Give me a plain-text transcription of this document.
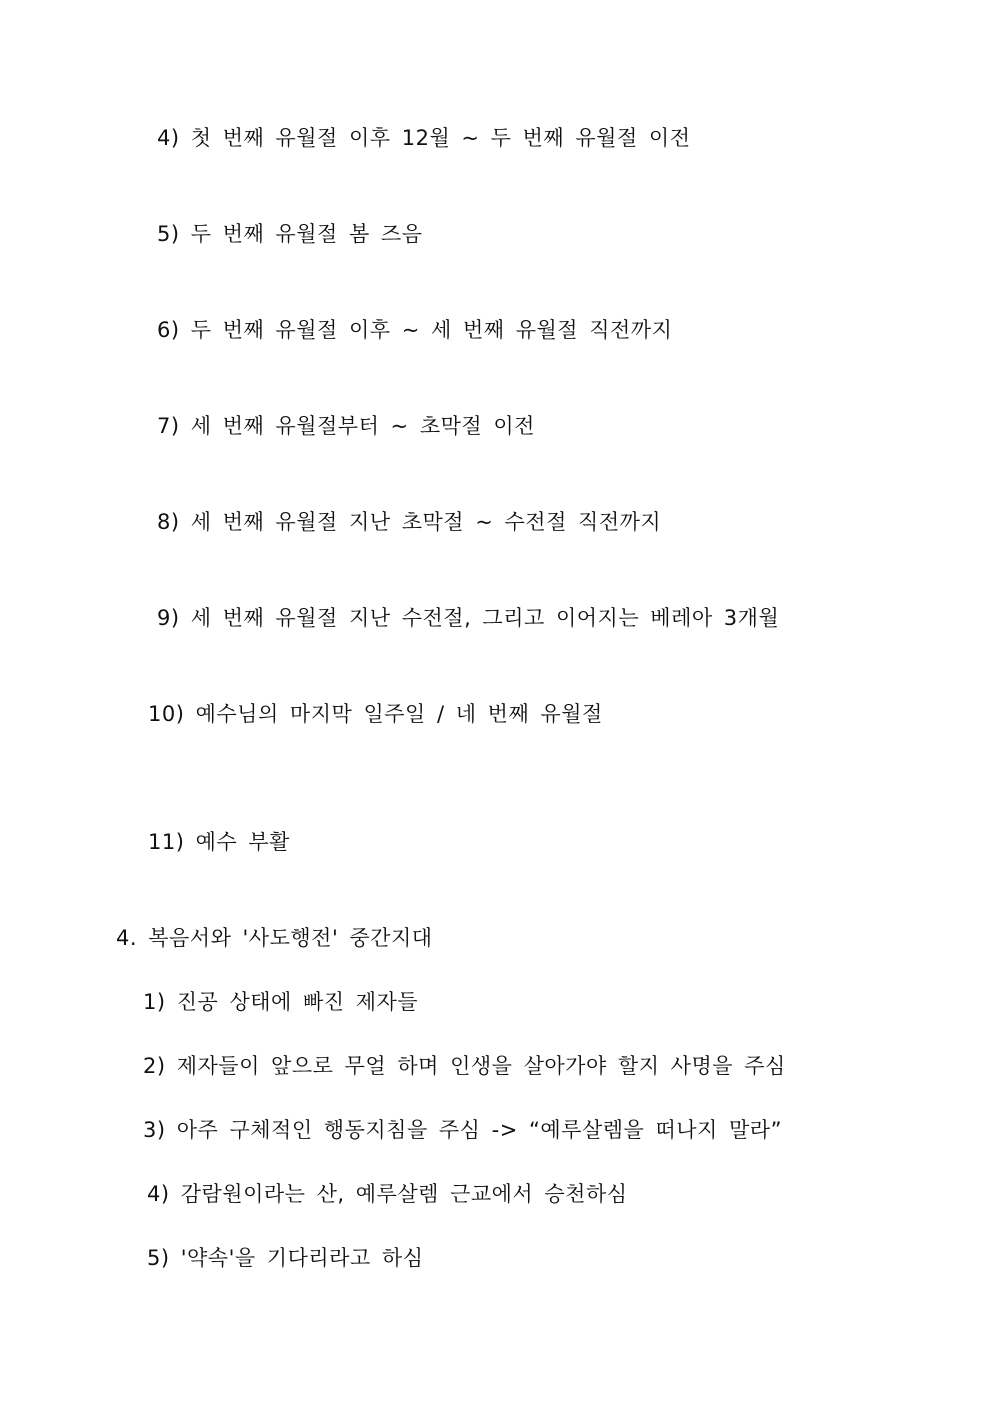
4) 첫 번째 유월절 이후 12월 ~ 두 번째 유월절 이전
5) 두 번째 유월절 봄 즈음
6) 두 번째 유월절 이후 ~ 세 번째 유월절 직전까지
7) 세 번째 유월절부터 ~ 초막절 이전
8) 세 번째 유월절 지난 초막절 ~ 수전절 직전까지
9) 세 번째 유월절 지난 수전절, 그리고 이어지는 베레아 3개월
10) 예수님의 마지막 일주일 / 네 번째 유월절
11) 예수 부활
4. 복음서와 '사도행전' 중간지대
1) 진공 상태에 빠진 제자들
2) 제자들이 앞으로 무얼 하며 인생을 살아가야 할지 사명을 주심
3) 아주 구체적인 행동지침을 주심 -> “예루살렘을 떠나지 말라”
4) 감람원이라는 산, 예루살렘 근교에서 승천하심
5) '약속'을 기다리라고 하심
